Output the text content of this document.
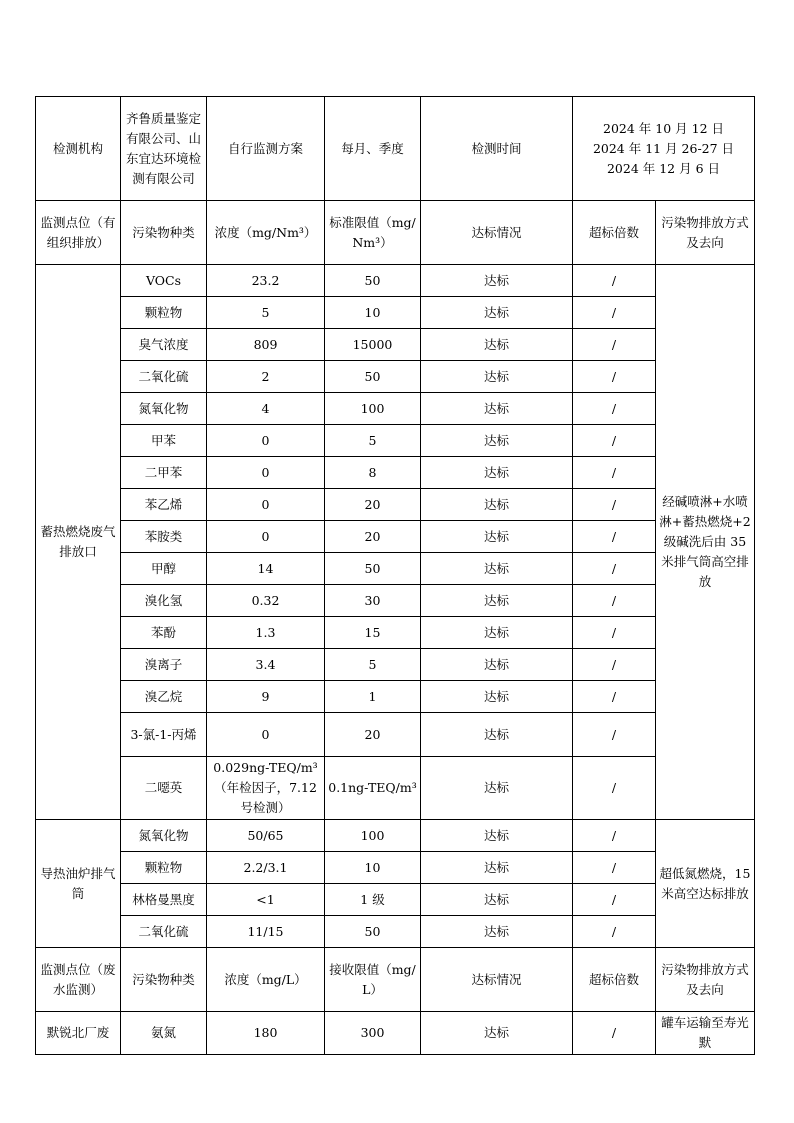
检测机构	齐鲁质量鉴定有限公司、山东宜达环境检测有限公司	自行监测方案	每月、季度	检测时间	2024 年 10 月 12 日
2024 年 11 月 26-27 日
2024 年 12 月 6 日	

监测点位（有组织排放）	污染物种类	浓度（mg/Nm³）	标准限值（mg/Nm³）	达标情况	超标倍数	污染物排放方式及去向
蓄热燃烧废气排放口	VOCs	23.2	50	达标	/	经碱喷淋+水喷淋+蓄热燃烧+2 级碱洗后由 35 米排气筒高空排放
	颗粒物	5	10	达标	/	
	臭气浓度	809	15000	达标	/	
	二氧化硫	2	50	达标	/	
	氮氧化物	4	100	达标	/	
	甲苯	0	5	达标	/	
	二甲苯	0	8	达标	/	
	苯乙烯	0	20	达标	/	
	苯胺类	0	20	达标	/	
	甲醇	14	50	达标	/	
	溴化氢	0.32	30	达标	/	
	苯酚	1.3	15	达标	/	
	溴离子	3.4	5	达标	/	
	溴乙烷	9	1	达标	/	
	3-氯-1-丙烯	0	20	达标	/	
	二噁英	0.029ng-TEQ/m³（年检因子，7.12 号检测）	0.1ng-TEQ/m³	达标	/	
导热油炉排气筒	氮氧化物	50/65	100	达标	/	超低氮燃烧，15 米高空达标排放
	颗粒物	2.2/3.1	10	达标	/	
	林格曼黑度	<1	1 级	达标	/	
	二氧化硫	11/15	50	达标	/	
监测点位（废水监测）	污染物种类	浓度（mg/L）	接收限值（mg/L）	达标情况	超标倍数	污染物排放方式及去向
默锐北厂废	氨氮	180	300	达标	/	罐车运输至寿光默
